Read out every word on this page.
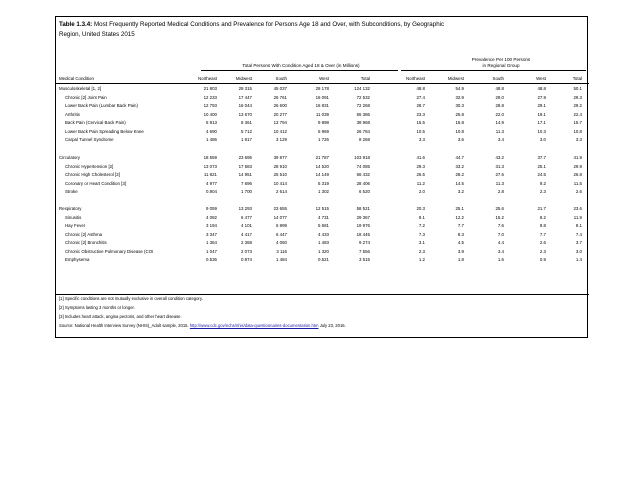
Table 1.3.4: Most Frequently Reported Medical Conditions and Prevalence for Persons Age 18 and Over, with Subconditions, by Geographic
Region, United States 2015
Total Persons With Condition Aged 18 & Over (in Millions)
Prevalence Per 100 Persons
in Regional Group
Medical Condition	Northeast	Midwest	South	West	Total	Northeast	Midwest	South	West	Total
Musculoskeletal [1, 2]	21 803	29 315	45 037	28 178	124 132	48.8	54.9	48.8	48.8	50.1
Chronic [2] Joint Pain	12 233	17 447	26 761	16 091	72 532	27.4	32.9	29.0	27.9	29.3
Lower Back Pain (Lumbar Back Pain)	12 793	16 044	26 600	16 831	72 268	28.7	30.3	28.8	29.1	29.2
Arthritis	10 400	13 670	20 277	11 039	55 386	23.3	25.8	22.0	19.1	22.4
Back Pain (Cervical Back Pain)	6 913	8 361	13 794	9 898	38 968	15.5	15.8	14.9	17.1	15.7
Lower Back Pain Spreading Below Knee	4 690	5 712	10 412	5 969	26 784	10.5	10.8	11.3	10.3	10.8
Carpal Tunnel Syndrome	1 486	1 917	3 129	1 726	8 268	3.3	3.6	3.4	3.0	3.3
Circulatory	18 559	23 695	39 877	21 787	103 918	41.6	44.7	43.2	37.7	41.9
Chronic Hypertension [2]	13 073	17 583	28 910	14 520	74 085	29.3	33.2	31.3	25.1	29.9
Chronic High Cholesterol [2]	11 821	14 951	25 510	14 149	66 432	26.5	28.2	27.6	24.5	26.8
Coronary or Heart Condition [3]	4 977	7 696	10 414	5 319	28 406	11.2	14.5	11.3	9.2	11.5
Stroke	0.904	1 700	2 614	1 302	6 520	2.0	3.2	2.8	2.3	2.6
Respiratory	9 059	13 293	23 655	12 515	58 521	20.3	25.1	25.6	21.7	23.6
Sinusitis	4 082	6 477	14 077	4 731	29 367	9.1	12.2	15.2	8.2	11.9
Hay Fever	3 194	4 101	6 999	5 681	19 976	7.2	7.7	7.6	9.8	8.1
Chronic [2] Asthma	3 347	4 417	6 447	4 433	18 445	7.3	8.3	7.0	7.7	7.4
Chronic [2] Bronchitis	1 364	2 368	4 060	1 483	9 274	3.1	4.5	4.4	2.6	3.7
Chronic Obstructive Pulmonary Disease (COI	1 047	2 073	3 116	1 320	7 556	2.3	3.9	3.4	2.3	3.0
Emphysema	0.536	0.974	1 484	0.521	3 515	1.2	1.8	1.6	0.9	1.4
[1] Specific conditions are not mutually exclusive in overall condition category.
[2] Symptoms lasting 3 months or longer.
[3] Includes heart attack, angina pectoris, and other heart disease.
Source: National Health Interview Survey (NHIS)_Adult sample, 2015. http://www.cdc.gov/nchs/nhis/data-questionnaires-documentation.htm July 23, 2016.
